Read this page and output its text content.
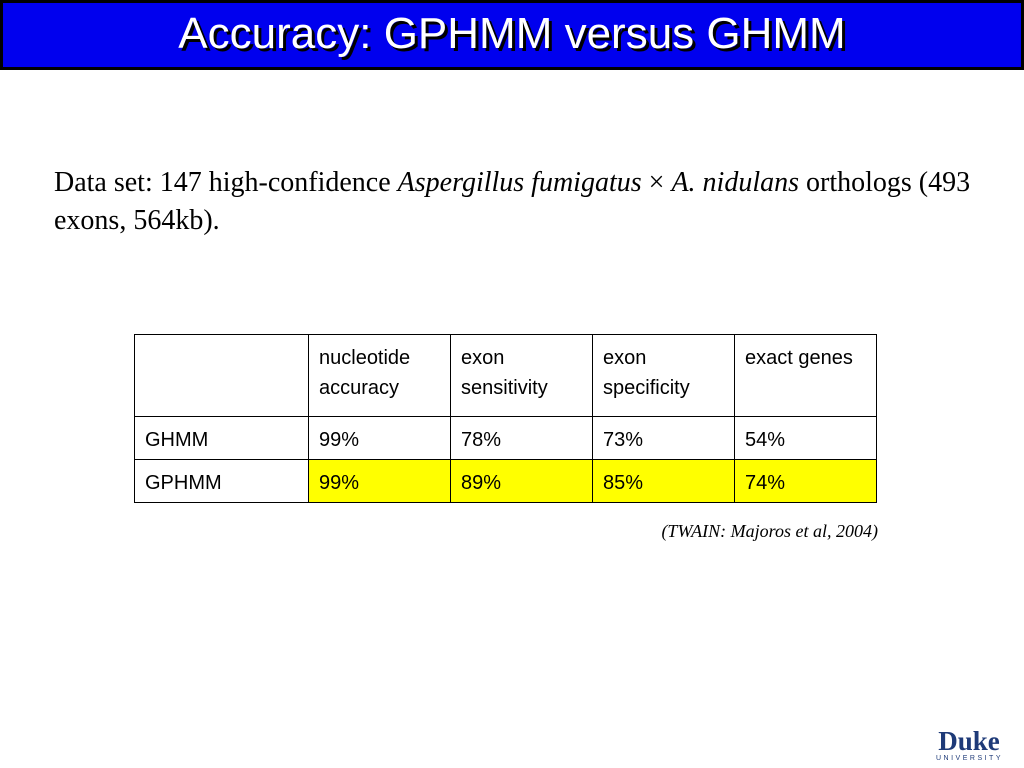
Accuracy: GPHMM versus GHMM
Data set: 147 high-confidence Aspergillus fumigatus × A. nidulans orthologs (493 exons, 564kb).
	nucleotide accuracy	exon sensitivity	exon specificity	exact genes
GHMM	99%	78%	73%	54%
GPHMM	99%	89%	85%	74%
(TWAIN: Majoros et al, 2004)
Duke
UNIVERSITY
